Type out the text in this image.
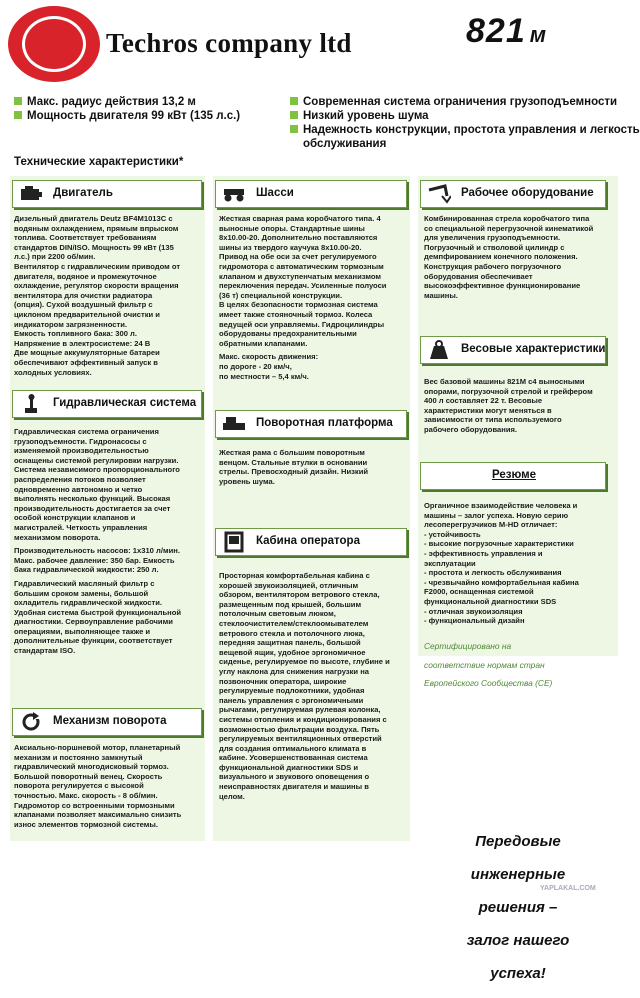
Techros company ltd	821 м
Макс. радиус действия 13,2 м
Мощность двигателя 99 кВт (135 л.с.)
Современная система ограничения грузоподъемности
Низкий уровень шума
Надежность конструкции, простота управления и легкость
обслуживания
Технические характеристики*
Двигатель

Дизельный двигатель Deutz BF4M1013C с

водяным охлаждением, прямым впрыском

топлива. Соответствует требованиям

стандартов DIN/ISO. Мощность 99 кВт (135

л.с.) при 2200 об/мин.

Вентилятор с гидравлическим приводом от

двигателя, водяное и промежуточное

охлаждение, регулятор скорости вращения

вентилятора для очистки радиатора

(опция). Сухой воздушный фильтр с

циклоном предварительной очистки и

индикатором загрязненности.

Емкость топливного бака: 300 л.

Напряжение в электросистеме: 24 В

Две мощные аккумуляторные батареи

обеспечивают эффективный запуск в

холодных условиях.

Гидравлическая система

Гидравлическая система ограничения

грузоподъемности. Гидронасосы с

изменяемой производительностью

оснащены системой регулировки нагрузки.

Система независимого пропорционального

распределения потоков позволяет

одновременно автономно и четко

выполнять несколько функций. Высокая

производительность достигается за счет

особой конструкции клапанов и

магистралей. Четкость управления

механизмом поворота.

Производительность насосов: 1х310 л/мин.

Макс. рабочее давление: 350 бар. Емкость

бака гидравлической жидкости: 250 л.

Гидравлический масляный фильтр с

большим сроком замены, большой

охладитель гидравлической жидкости.

Удобная система быстрой функциональной

диагностики. Сервоуправление рабочими

операциями, выполняющее также и

дополнительные функции, соответствует

стандартам ISO.

Механизм поворота

Аксиально-поршневой мотор, планетарный

механизм и постоянно замкнутый

гидравлический многодисковый тормоз.

Большой поворотный венец. Скорость

поворота регулируется с высокой

точностью. Макс. скорость - 8 об/мин.

Гидромотор со встроенными тормозными

клапанами позволяет максимально снизить

износ элементов тормозной системы.

Шасси

Жесткая сварная рама коробчатого типа. 4

выносные опоры. Стандартные шины

8х10.00-20. Дополнительно поставляются

шины из твердого каучука 8х10.00-20.

Привод на обе оси за счет регулируемого

гидромотора с автоматическим тормозным

клапаном и двухступенчатым механизмом

переключения передач. Усиленные полуоси

(36 т) специальной конструкции.

В целях безопасности тормозная система

имеет также стояночный тормоз. Колеса

ведущей оси управляемы. Гидроцилиндры

оборудованы предохранительными

обратными клапанами.

Макс. скорость движения:

по дороге - 20 км/ч,

по местности – 5,4 км/ч.

Поворотная платформа

Жесткая рама с большим поворотным

венцом. Стальные втулки в основании

стрелы. Превосходный дизайн. Низкий

уровень шума.

Кабина оператора

Просторная комфортабельная кабина с

хорошей звукоизоляцией, отличным

обзором, вентилятором ветрового стекла,

размещенным под крышей, большим

потолочным световым люком,

стеклоочистителем/стеклоомывателем

ветрового стекла и потолочного люка,

передняя защитная панель, большой

вещевой ящик, удобное эргономичное

сиденье, регулируемое по высоте, глубине и

углу наклона для снижения нагрузки на

позвоночник оператора, широкие

регулируемые подлокотники, удобная

панель управления с эргономичными

рычагами, регулируемая рулевая колонка,

системы отопления и кондиционирования с

возможностью фильтрации воздуха. Пять

регулируемых вентиляционных отверстий

для создания оптимального климата в

кабине. Усовершенствованная система

функциональной диагностики SDS и

визуального и звукового оповещения о

неисправностях двигателя и машины в

целом.

Рабочее оборудование

Комбинированная стрела коробчатого типа

со специальной перегрузочной кинематикой

для увеличения грузоподъемности.

Погрузочный и стволовой цилиндр с

демпфированием конечного положения.

Конструкция рабочего погрузочного

оборудования обеспечивает

высокоэффективное функционирование

машины.

Весовые характеристики

Вес базовой машины 821М с4 выносными

опорами, погрузочной стрелой и грейфером

400 л составляет 22 т. Весовые

характеристики могут меняться в

зависимости от типа используемого

рабочего оборудования.

Резюме

Органичное взаимодействие человека и

машины – залог успеха. Новую серию

лесоперегрузчиков М-HD отличает:

- устойчивость

- высокие погрузочные характеристики

- эффективность управления и

эксплуатации

- простота и легкость обслуживания

- чрезвычайно комфортабельная кабина

F2000, оснащенная системой

функциональной диагностики SDS

- отличная звукоизоляция

- функциональный дизайн

Сертифицировано на

соответствие нормам стран

Европейского Сообщества (CE)

Передовые

инженерные

решения –

залог нашего

успеха!

YAPLAKAL.COM
